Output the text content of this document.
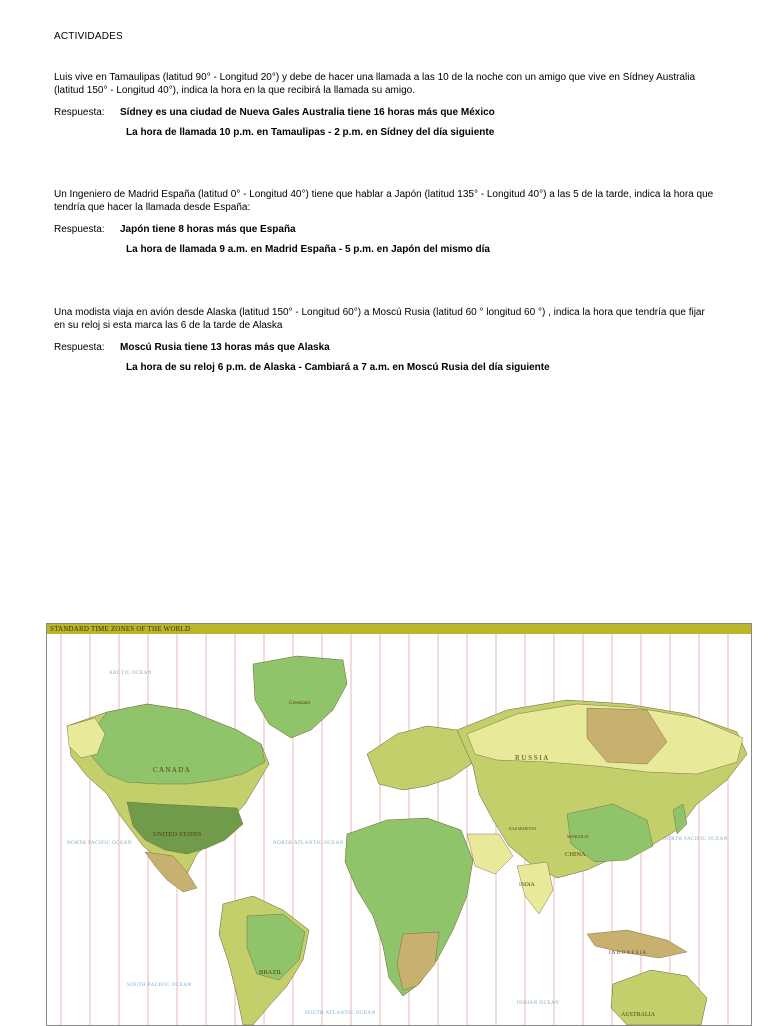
ACTIVIDADES
Luis vive en Tamaulipas (latitud 90° - Longitud 20°) y debe de hacer una llamada a las 10 de la noche con un amigo que vive en Sídney Australia (latitud 150° - Longitud 40°), indica la hora en la que recibirá la llamada su amigo.
Respuesta: Sídney es una ciudad de Nueva Gales Australia tiene 16 horas más que México
La hora de llamada 10 p.m. en Tamaulipas - 2 p.m. en Sídney del día siguiente
Un Ingeniero de Madrid España (latitud 0° - Longitud 40°) tiene que hablar a Japón (latitud 135° - Longitud 40°) a las 5 de la tarde, indica la hora que tendría que hacer la llamada desde España:
Respuesta: Japón tiene 8 horas más que España
La hora de llamada 9 a.m. en Madrid España - 5 p.m. en Japón del mismo día
Una modista viaja en avión desde Alaska (latitud 150° - Longitud 60°) a Moscú Rusia (latitud 60 ° longitud 60 °) , indica la hora que tendría que fijar en su reloj si esta marca las 6 de la tarde de Alaska
Respuesta: Moscú Rusia tiene 13 horas más que Alaska
La hora de su reloj 6 p.m. de Alaska - Cambiará a 7 a.m. en Moscú Rusia del día siguiente
STANDARD TIME ZONES OF THE WORLD
C A N A D A
UNITED STATES
Greenland
R U S S I A
CHINA
INDIA
BRAZIL
AUSTRALIA
I N D O N E S I A
MONGOLIA
KAZAKHSTAN
ARCTIC OCEAN
NORTH PACIFIC OCEAN	NORTH ATLANTIC OCEAN
SOUTH PACIFIC OCEAN
SOUTH ATLANTIC OCEAN
INDIAN OCEAN
NORTH PACIFIC OCEAN
